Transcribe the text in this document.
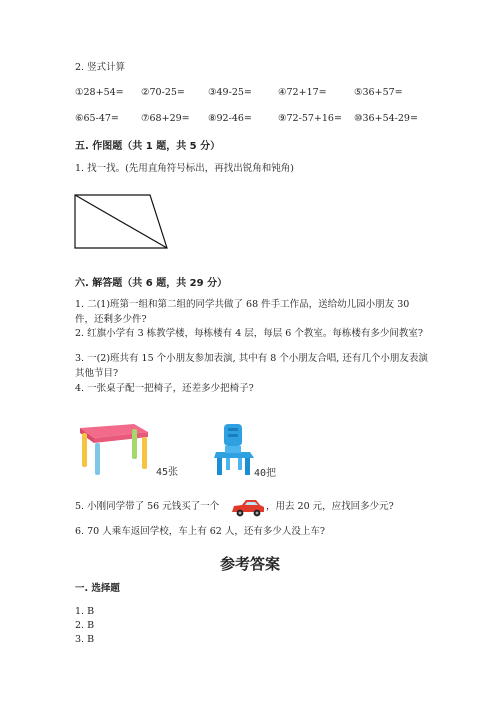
2. 竖式计算
①28+54= ②70-25= ③49-25=	④72+17=	⑤36+57=
⑥65-47= ⑦68+29= ⑧92-46=	⑨72-57+16= ⑩36+54-29=
五. 作图题（共 1 题，共 5 分）
1. 找一找。(先用直角符号标出，再找出锐角和钝角)
六. 解答题（共 6 题，共 29 分）
1. 二(1)班第一组和第二组的同学共做了 68 件手工作品，送给幼儿园小朋友 30 件，还剩多少件?
2. 红旗小学有 3 栋教学楼，每栋楼有 4 层，每层 6 个教室。每栋楼有多少间教室?
3. 一(2)班共有 15 个小朋友参加表演, 其中有 8 个小朋友合唱, 还有几个小朋友表演其他节目?
4. 一张桌子配一把椅子，还差多少把椅子?
45张	40把
5. 小刚同学带了 56 元钱买了一个	，用去 20 元，应找回多少元?
6. 70 人乘车返回学校，车上有 62 人，还有多少人没上车?
参考答案
一. 选择题
1. B
2. B
3. B
